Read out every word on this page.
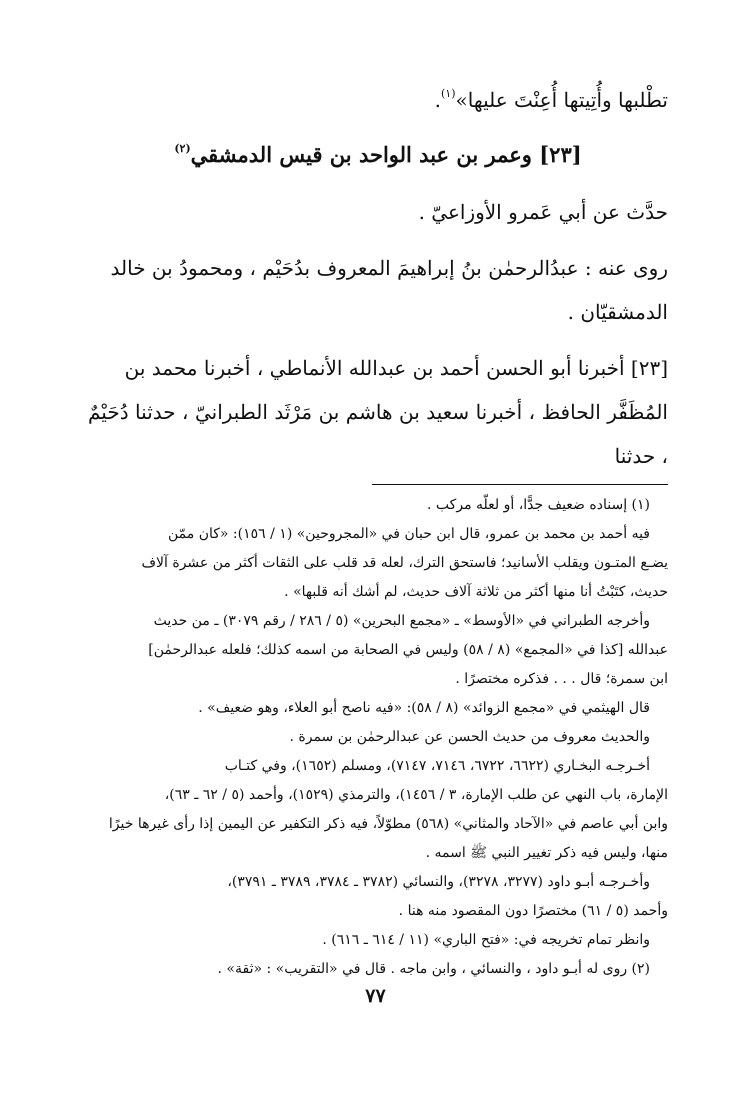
تطْلبها وأُتِيتها أُعِنْتَ عليها»$^{(١)}$.

[٢٣] وعمر بن عبد الواحد بن قيس الدمشقي$^{(٢)}$

حدَّث عن أبي عَمرو الأوزاعيّ .

روى عنه : عبدُالرحمٰن بنُ إبراهيمَ المعروف بدُحَيْم ، ومحمودُ بن خالد

الدمشقيّان .

[٢٣] أخبرنا أبو الحسن أحمد بن عبدالله الأنماطي ، أخبرنا محمد بن

المُظَفَّر الحافظ ، أخبرنا سعيد بن هاشم بن مَرْثَد الطبرانيّ ، حدثنا دُحَيْمٌ ، حدثنا

(١) إسناده ضعيف جدًّا، أو لعلّه مركب .

فيه أحمد بن محمد بن عمرو، قال ابن حبان في «المجروحين» (١ / ١٥٦): «كان ممّن

يضـع المتـون ويقلب الأسانيد؛ فاستحق الترك، لعله قد قلب على الثقات أكثر من عشرة آلاف

حديث، كتَبْتُ أنا منها أكثر من ثلاثة آلاف حديث، لم أشك أنه قلبها» .

وأخرجه الطبراني في «الأوسط» ـ «مجمع البحرين» (٥ / ٢٨٦ / رقم ٣٠٧٩) ـ من حديث

عبدالله [كذا في «المجمع» (٨ / ٥٨) وليس في الصحابة من اسمه كذلك؛ فلعله عبدالرحمٰن]

ابن سمرة؛ قال . . . فذكره مختصرًا .

قال الهيثمي في «مجمع الزوائد» (٨ / ٥٨): «فيه ناصح أبو العلاء، وهو ضعيف» .

والحديث معروف من حديث الحسن عن عبدالرحمٰن بن سمرة .

أخـرجـه البخـاري (٦٦٢٢، ٦٧٢٢، ٧١٤٦، ٧١٤٧)، ومسلم (١٦٥٢)، وفي كتـاب

الإمارة، باب النهي عن طلب الإمارة، ٣ / ١٤٥٦)، والترمذي (١٥٢٩)، وأحمد (٥ / ٦٢ ـ ٦٣)،

وابن أبي عاصم في «الآحاد والمثاني» (٥٦٨) مطوّلاً، فيه ذكر التكفير عن اليمين إذا رأى غيرها خيرًا

منها، وليس فيه ذكر تغيير النبي ﷺ اسمه .

وأخـرجـه أبـو داود (٣٢٧٧، ٣٢٧٨)، والنسائي (٣٧٨٢ ـ ٣٧٨٤، ٣٧٨٩ ـ ٣٧٩١)،

وأحمد (٥ / ٦١) مختصرًا دون المقصود منه هنا .

وانظر تمام تخريجه في: «فتح الباري» (١١ / ٦١٤ ـ ٦١٦) .

(٢) روى له أبـو داود ، والنسائي ، وابن ماجه . قال في «التقريب» : «ثقة» .

٧٧
